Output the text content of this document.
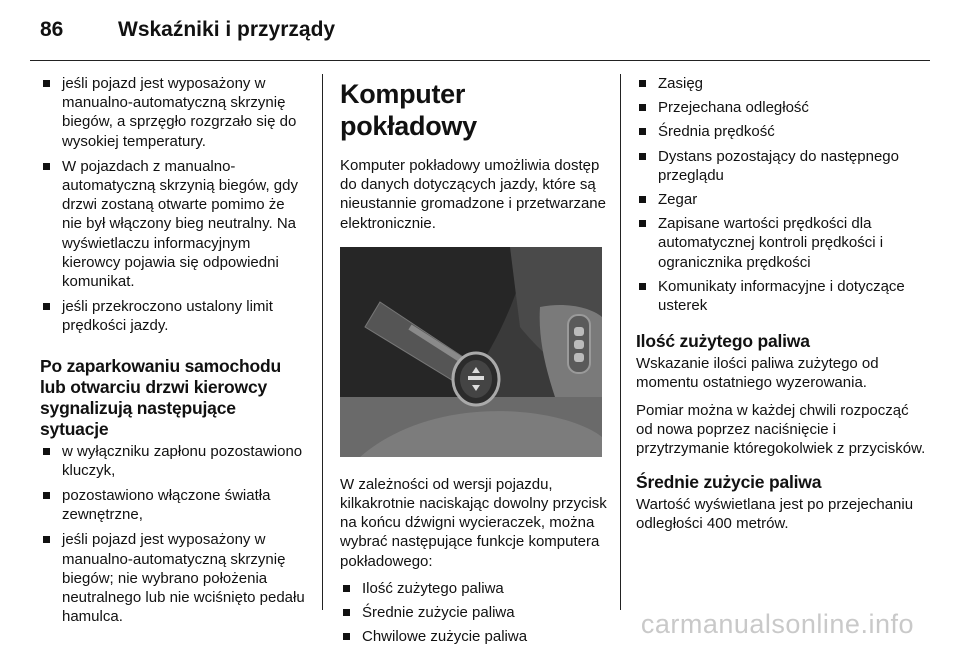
86	Wskaźniki i przyrządy
jeśli pojazd jest wyposażony w manualno-automatyczną skrzynię biegów, a sprzęgło rozgrzało się do wysokiej temperatury.
W pojazdach z manualno-automatyczną skrzynią biegów, gdy drzwi zostaną otwarte pomimo że nie był włączony bieg neutralny. Na wyświetlaczu informacyjnym kierowcy pojawia się odpowiedni komunikat.
jeśli przekroczono ustalony limit prędkości jazdy.
Po zaparkowaniu samochodu lub otwarciu drzwi kierowcy sygnalizują następujące sytuacje
w wyłączniku zapłonu pozostawiono kluczyk,
pozostawiono włączone światła zewnętrzne,
jeśli pojazd jest wyposażony w manualno-automatyczną skrzynię biegów; nie wybrano położenia neutralnego lub nie wciśnięto pedału hamulca.
Komputer pokładowy

Komputer pokładowy umożliwia dostęp do danych dotyczących jazdy, które są nieustannie gromadzone i przetwarzane elektronicznie.

W zależności od wersji pojazdu, kilkakrotnie naciskając dowolny przycisk na końcu dźwigni wycieraczek, można wybrać następujące funkcje komputera pokładowego:

Ilość zużytego paliwa
Średnie zużycie paliwa
Chwilowe zużycie paliwa
Zasięg
Przejechana odległość
Średnia prędkość
Dystans pozostający do następnego przeglądu
Zegar
Zapisane wartości prędkości dla automatycznej kontroli prędkości i ogranicznika prędkości
Komunikaty informacyjne i dotyczące usterek
Ilość zużytego paliwa

Wskazanie ilości paliwa zużytego od momentu ostatniego wyzerowania.

Pomiar można w każdej chwili rozpocząć od nowa poprzez naciśnięcie i przytrzymanie któregokolwiek z przycisków.

Średnie zużycie paliwa

Wartość wyświetlana jest po przejechaniu odległości 400 metrów.

carmanualsonline.info
